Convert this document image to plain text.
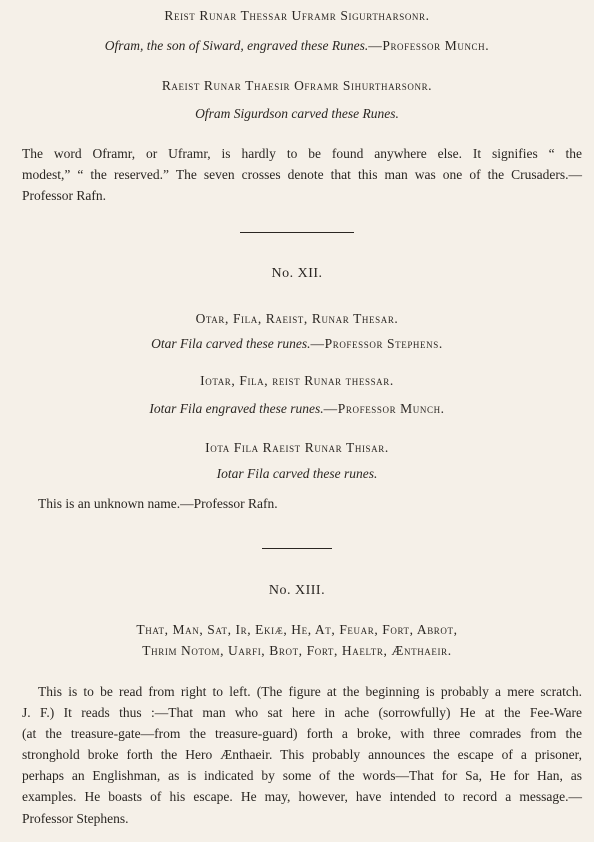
Reist Runar Thessar Uframr Sigurtharsonr.
Ofram, the son of Siward, engraved these Runes.—Professor Munch.
Raeist Runar Thaesir Oframr Sihurtharsonr.
Ofram Sigurdson carved these Runes.
The word Oframr, or Uframr, is hardly to be found anywhere else. It signifies “ the
modest,” “ the reserved.” The seven crosses denote that this man was one of the Crusaders.—
Professor Rafn.
No. XII.
Otar, Fila, Raeist, Runar Thesar.
Otar Fila carved these runes.—Professor Stephens.
Iotar, Fila, reist Runar thessar.
Iotar Fila engraved these runes.—Professor Munch.
Iota Fila Raeist Runar Thisar.
Iotar Fila carved these runes.
This is an unknown name.—Professor Rafn.
No. XIII.
That, Man, Sat, Ir, Ekiæ, He, At, Feuar, Fort, Abrot,
Thrim Notom, Uarfi, Brot, Fort, Haeltr, Ænthaeir.
This is to be read from right to left. (The figure at the beginning is probably a mere scratch.
J. F.) It reads thus :—That man who sat here in ache (sorrowfully) He at the Fee-Ware
(at the treasure-gate—from the treasure-guard) forth a broke, with three comrades from the
stronghold broke forth the Hero Ænthaeir. This probably announces the escape of a prisoner,
perhaps an Englishman, as is indicated by some of the words—That for Sa, He for Han, as
examples. He boasts of his escape. He may, however, have intended to record a message.—
Professor Stephens.
